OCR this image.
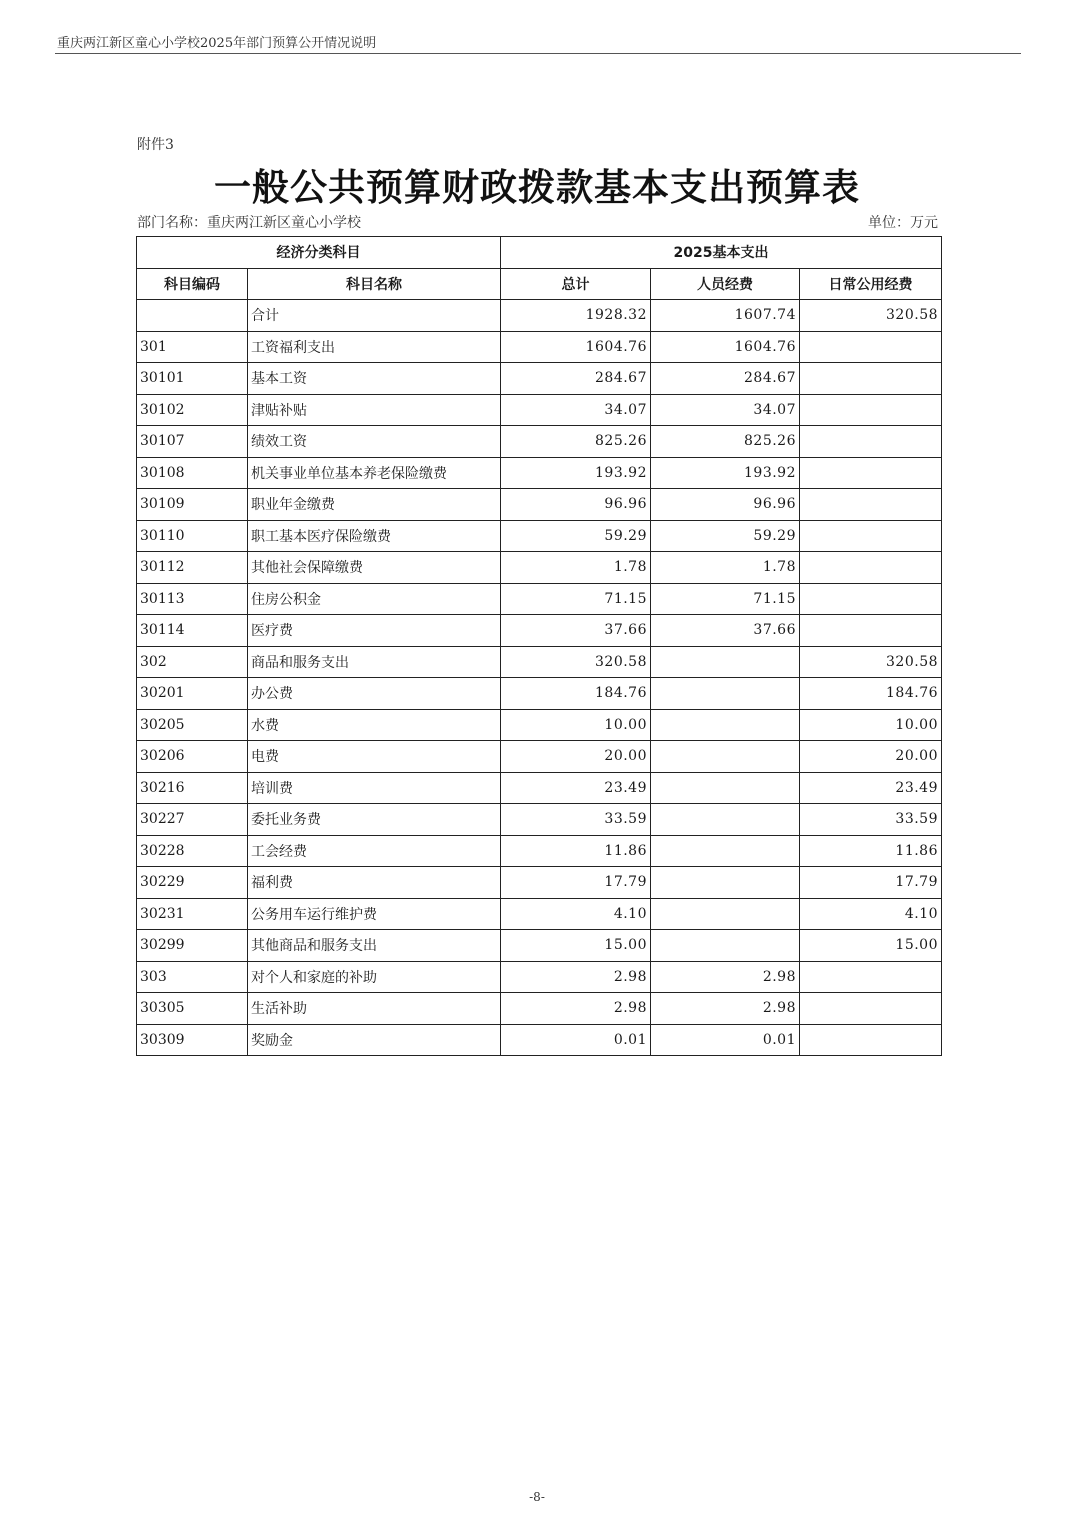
重庆两江新区童心小学校2025年部门预算公开情况说明
附件3
一般公共预算财政拨款基本支出预算表
部门名称：重庆两江新区童心小学校	单位：万元
经济分类科目		2025基本支出		
科目编码	科目名称	总计	人员经费	日常公用经费
	合计	1928.32	1607.74	320.58
301	工资福利支出	1604.76	1604.76	
30101	基本工资	284.67	284.67	
30102	津贴补贴	34.07	34.07	
30107	绩效工资	825.26	825.26	
30108	机关事业单位基本养老保险缴费	193.92	193.92	
30109	职业年金缴费	96.96	96.96	
30110	职工基本医疗保险缴费	59.29	59.29	
30112	其他社会保障缴费	1.78	1.78	
30113	住房公积金	71.15	71.15	
30114	医疗费	37.66	37.66	
302	商品和服务支出	320.58		320.58
30201	办公费	184.76		184.76
30205	水费	10.00		10.00
30206	电费	20.00		20.00
30216	培训费	23.49		23.49
30227	委托业务费	33.59		33.59
30228	工会经费	11.86		11.86
30229	福利费	17.79		17.79
30231	公务用车运行维护费	4.10		4.10
30299	其他商品和服务支出	15.00		15.00
303	对个人和家庭的补助	2.98	2.98	
30305	生活补助	2.98	2.98	
30309	奖励金	0.01	0.01	
-8-
